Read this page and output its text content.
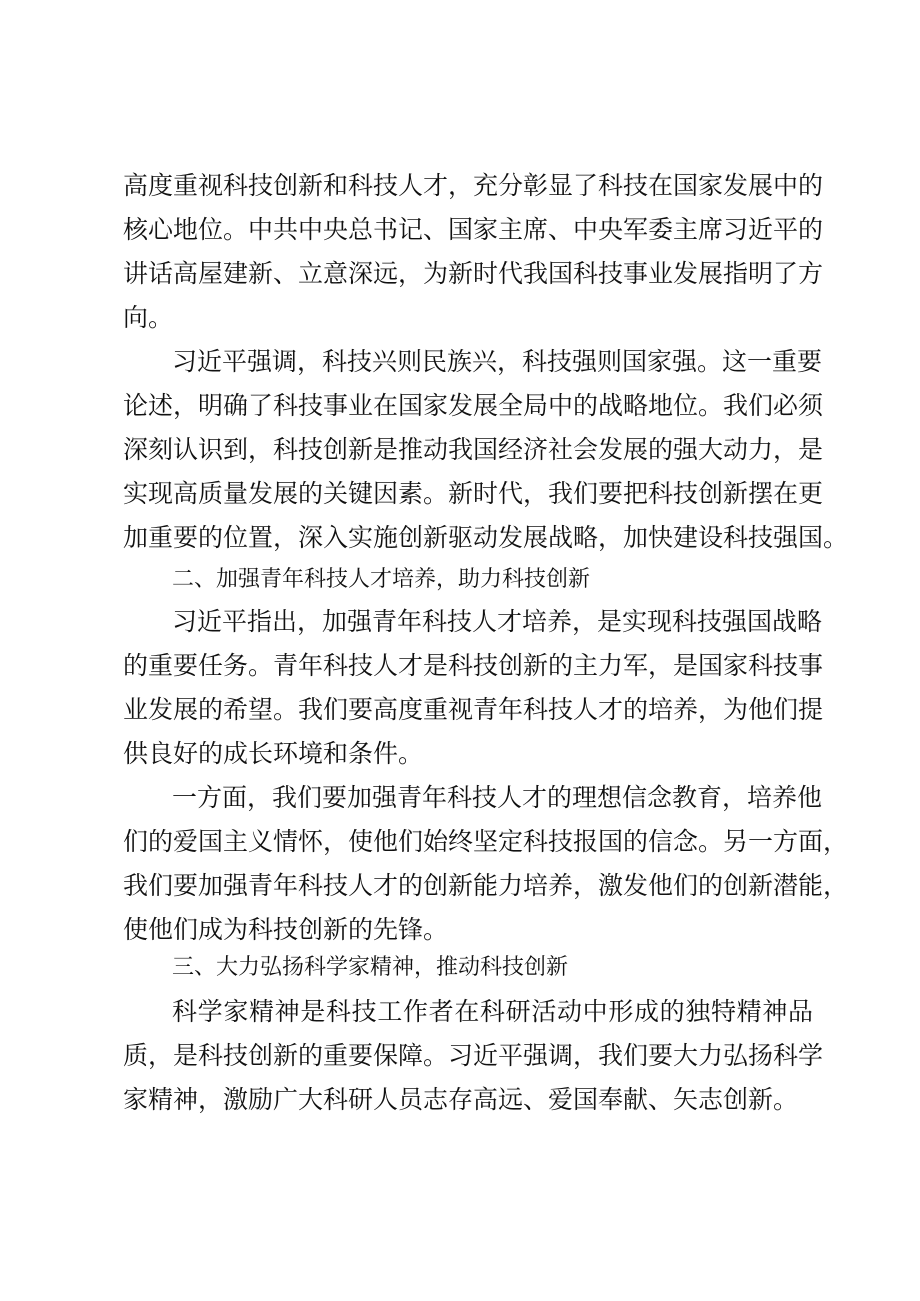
高度重视科技创新和科技人才，充分彰显了科技在国家发展中的
核心地位。中共中央总书记、国家主席、中央军委主席习近平的
讲话高屋建新、立意深远，为新时代我国科技事业发展指明了方
向。
习近平强调，科技兴则民族兴，科技强则国家强。这一重要
论述，明确了科技事业在国家发展全局中的战略地位。我们必须
深刻认识到，科技创新是推动我国经济社会发展的强大动力，是
实现高质量发展的关键因素。新时代，我们要把科技创新摆在更
加重要的位置，深入实施创新驱动发展战略，加快建设科技强国。
二、加强青年科技人才培养，助力科技创新
习近平指出，加强青年科技人才培养，是实现科技强国战略
的重要任务。青年科技人才是科技创新的主力军，是国家科技事
业发展的希望。我们要高度重视青年科技人才的培养，为他们提
供良好的成长环境和条件。
一方面，我们要加强青年科技人才的理想信念教育，培养他
们的爱国主义情怀，使他们始终坚定科技报国的信念。另一方面，
我们要加强青年科技人才的创新能力培养，激发他们的创新潜能，
使他们成为科技创新的先锋。
三、大力弘扬科学家精神，推动科技创新
科学家精神是科技工作者在科研活动中形成的独特精神品
质，是科技创新的重要保障。习近平强调，我们要大力弘扬科学
家精神，激励广大科研人员志存高远、爱国奉献、矢志创新。
